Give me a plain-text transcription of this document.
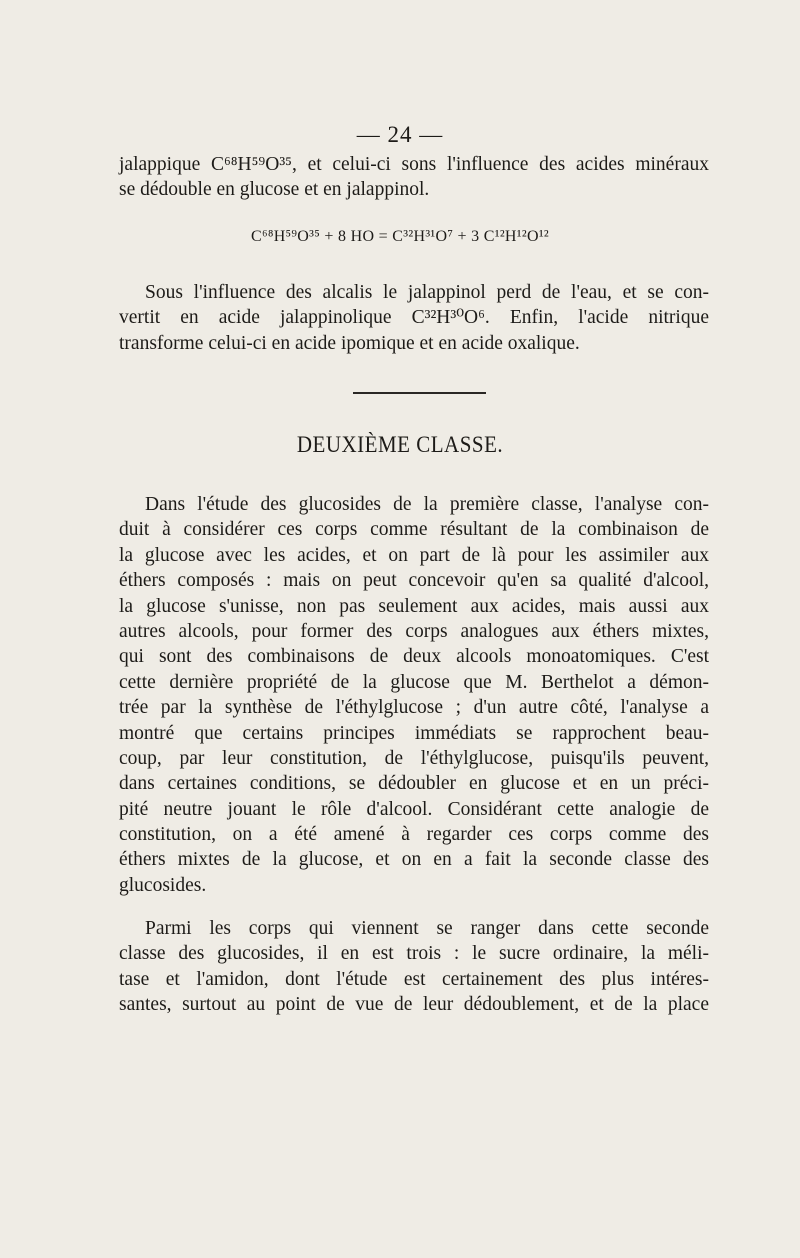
— 24 —
jalappique C⁶⁸H⁵⁹O³⁵, et celui-ci sons l'influence des acides minéraux
se dédouble en glucose et en jalappinol.
C⁶⁸H⁵⁹O³⁵ + 8 HO = C³²H³¹O⁷ + 3 C¹²H¹²O¹²
Sous l'influence des alcalis le jalappinol perd de l'eau, et se con-
vertit en acide jalappinolique C³²H³⁰O⁶. Enfin, l'acide nitrique
transforme celui-ci en acide ipomique et en acide oxalique.
DEUXIÈME CLASSE.
Dans l'étude des glucosides de la première classe, l'analyse con-
duit à considérer ces corps comme résultant de la combinaison de
la glucose avec les acides, et on part de là pour les assimiler aux
éthers composés : mais on peut concevoir qu'en sa qualité d'alcool,
la glucose s'unisse, non pas seulement aux acides, mais aussi aux
autres alcools, pour former des corps analogues aux éthers mixtes,
qui sont des combinaisons de deux alcools monoatomiques. C'est
cette dernière propriété de la glucose que M. Berthelot a démon-
trée par la synthèse de l'éthylglucose ; d'un autre côté, l'analyse a
montré que certains principes immédiats se rapprochent beau-
coup, par leur constitution, de l'éthylglucose, puisqu'ils peuvent,
dans certaines conditions, se dédoubler en glucose et en un préci-
pité neutre jouant le rôle d'alcool. Considérant cette analogie de
constitution, on a été amené à regarder ces corps comme des
éthers mixtes de la glucose, et on en a fait la seconde classe des
glucosides.
Parmi les corps qui viennent se ranger dans cette seconde
classe des glucosides, il en est trois : le sucre ordinaire, la méli-
tase et l'amidon, dont l'étude est certainement des plus intéres-
santes, surtout au point de vue de leur dédoublement, et de la place
